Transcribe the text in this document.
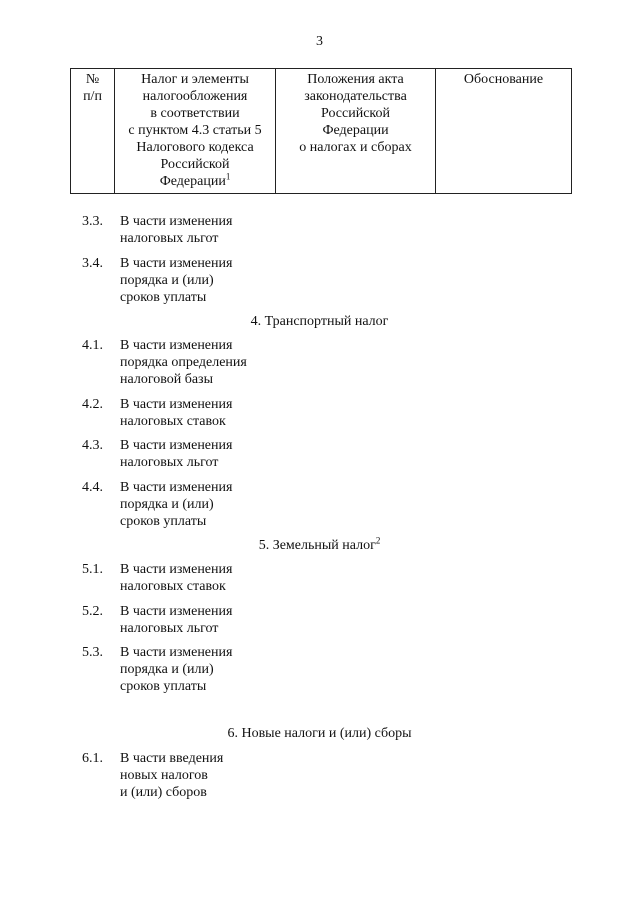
3
№
п/п

Налог и элементы
налогообложения
в соответствии
с пунктом 4.3 статьи 5
Налогового кодекса
Российской
Федерации$^1$

Положения акта
законодательства
Российской
Федерации
о налогах и сборах

Обоснование
3.3.	В части изменения
налоговых льгот
3.4.	В части изменения
порядка и (или)
сроков уплаты
4. Транспортный налог
4.1.	В части изменения
порядка определения
налоговой базы
4.2.	В части изменения
налоговых ставок
4.3.	В части изменения
налоговых льгот
4.4.	В части изменения
порядка и (или)
сроков уплаты
5. Земельный налог$^2$
5.1.	В части изменения
налоговых ставок
5.2.	В части изменения
налоговых льгот
5.3.	В части изменения
порядка и (или)
сроков уплаты
6. Новые налоги и (или) сборы
6.1.	В части введения
новых налогов
и (или) сборов
